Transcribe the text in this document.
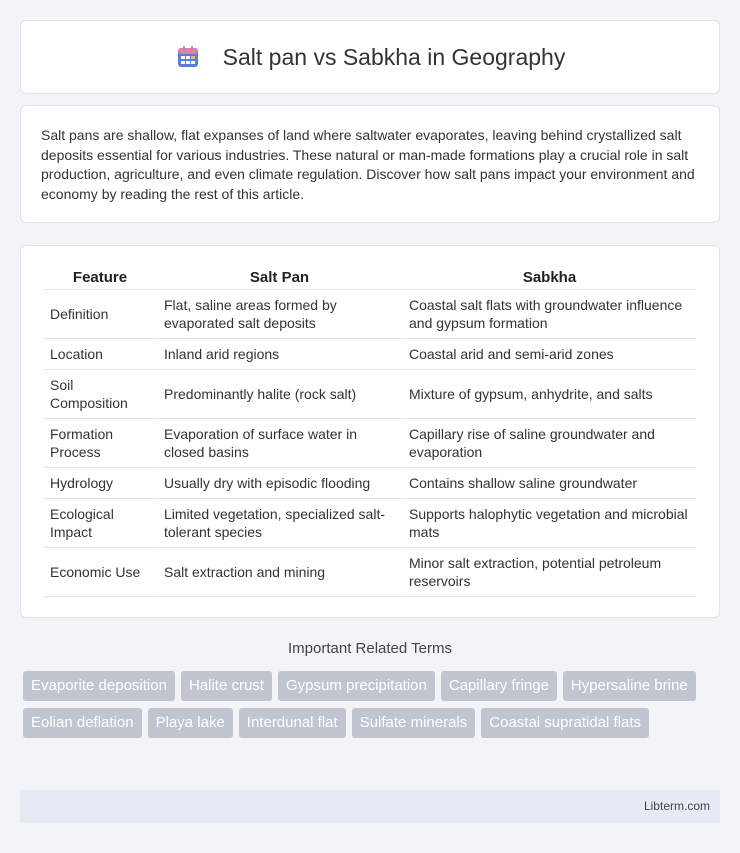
Salt pan vs Sabkha in Geography

Salt pans are shallow, flat expanses of land where saltwater evaporates, leaving behind crystallized salt deposits essential for various industries. These natural or man-made formations play a crucial role in salt production, agriculture, and even climate regulation. Discover how salt pans impact your environment and economy by reading the rest of this article.

Feature	Salt Pan	Sabkha
Definition	Flat, saline areas formed by evaporated salt deposits	Coastal salt flats with groundwater influence and gypsum formation
Location	Inland arid regions	Coastal arid and semi-arid zones
Soil Composition	Predominantly halite (rock salt)	Mixture of gypsum, anhydrite, and salts
Formation Process	Evaporation of surface water in closed basins	Capillary rise of saline groundwater and evaporation
Hydrology	Usually dry with episodic flooding	Contains shallow saline groundwater
Ecological Impact	Limited vegetation, specialized salt-tolerant species	Supports halophytic vegetation and microbial mats
Economic Use	Salt extraction and mining	Minor salt extraction, potential petroleum reservoirs
Important Related Terms
Evaporite deposition	Halite crust	Gypsum precipitation	Capillary fringe	Hypersaline brine
Eolian deflation	Playa lake	Interdunal flat	Sulfate minerals	Coastal supratidal flats
Libterm.com
